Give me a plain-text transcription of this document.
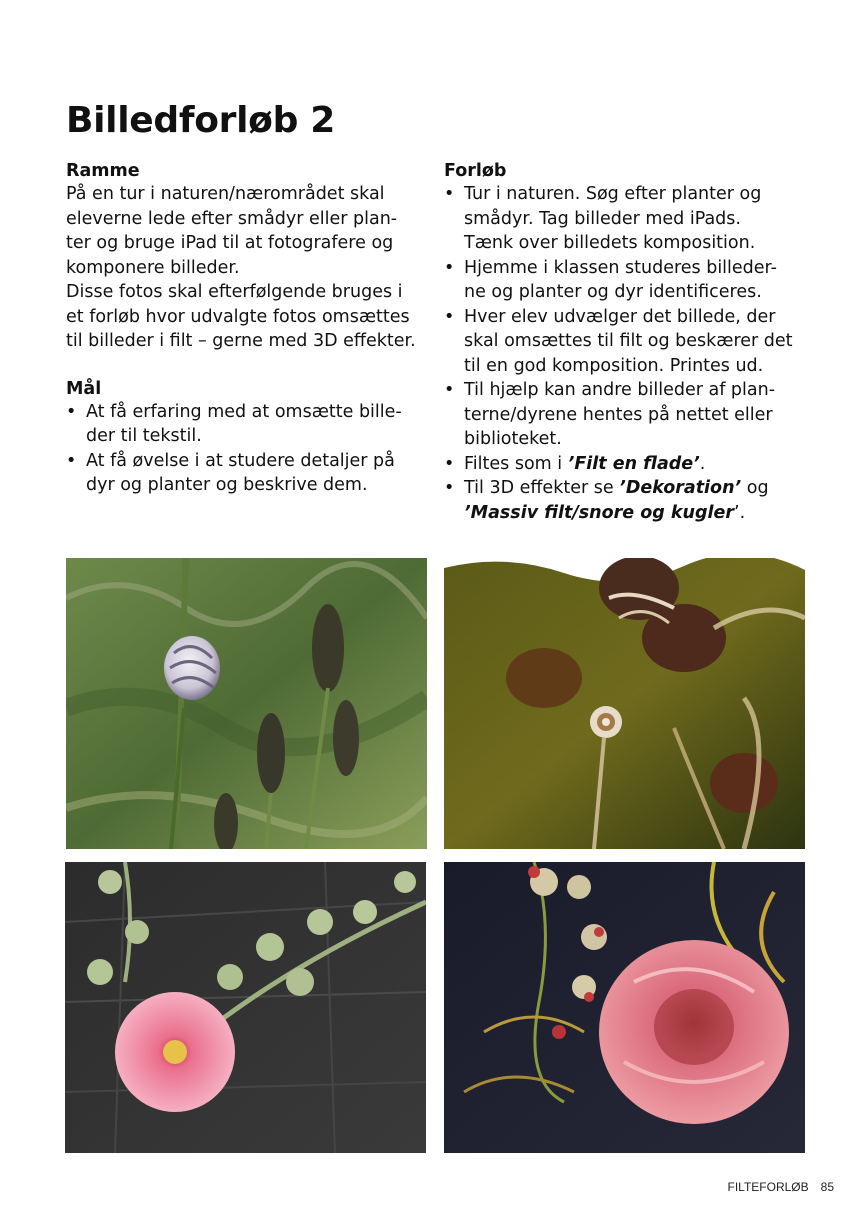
Billedforløb 2
Ramme

På en tur i naturen/nærområdet skal
eleverne lede efter smådyr eller plan-
ter og bruge iPad til at fotografere og
komponere billeder.
Disse fotos skal efterfølgende bruges i
et forløb hvor udvalgte fotos omsættes
til billeder i filt – gerne med 3D effekter.

Mål
• At få erfaring med at omsætte bille-
der til tekstil.
• At få øvelse i at studere detaljer på
dyr og planter og beskrive dem.
Forløb
• Tur i naturen. Søg efter planter og
smådyr. Tag billeder med iPads.
Tænk over billedets komposition.
• Hjemme i klassen studeres billeder-
ne og planter og dyr identificeres.
• Hver elev udvælger det billede, der
skal omsættes til filt og beskærer det
til en god komposition. Printes ud.
• Til hjælp kan andre billeder af plan-
terne/dyrene hentes på nettet eller
biblioteket.
• Filtes som i ’Filt en flade’.
• Til 3D effekter se ’Dekoration’ og
’Massiv filt/snore og kugler’.
FILTEFORLØB 85
